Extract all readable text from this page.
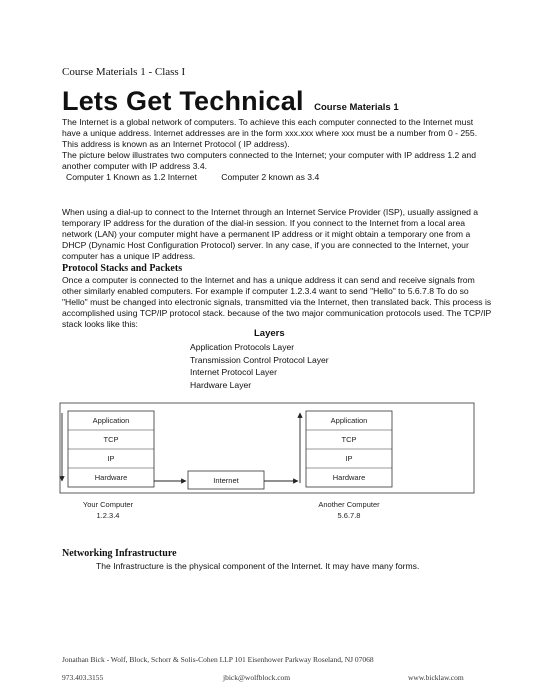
Course Materials 1 - Class I
Lets Get Technical Course Materials 1
The Internet is a global network of computers. To achieve this each computer connected to the Internet must have a unique address. Internet addresses are in the form xxx.xxx where xxx must be a number from 0 - 255. This address is known as an Internet Protocol ( IP address).
The picture below illustrates two computers connected to the Internet; your computer with IP address 1.2 and another computer with IP address 3.4.
Computer 1 Known as 1.2 Internet	Computer 2 known as 3.4
When using a dial-up to connect to the Internet through an Internet Service Provider (ISP), usually assigned a temporary IP address for the duration of the dial-in session. If you connect to the Internet from a local area network (LAN) your computer might have a permanent IP address or it might obtain a temporary one from a DHCP (Dynamic Host Configuration Protocol) server. In any case, if you are connected to the Internet, your computer has a unique IP address.
Protocol Stacks and Packets
Once a computer is connected to the Internet and has a unique address it can send and receive signals from other similarly enabled computers. For example if computer 1.2.3.4 want to send "Hello" to 5.6.7.8 To do so "Hello" must be changed into electronic signals, transmitted via the Internet, then translated back. This process is accomplished using TCP/IP protocol stack. because of the two major communication protocols used. The TCP/IP stack looks like this:
Layers
Application Protocols Layer
Transmission Control Protocol Layer
Internet Protocol Layer
Hardware Layer
Application
TCP
IP
Hardware	Internet
Application
TCP
IP
Hardware
Your Computer
1.2.3.4
Another Computer
5.6.7.8
Networking Infrastructure
The Infrastructure is the physical component of the Internet. It may have many forms.
Jonathan Bick - Wolf, Block, Schorr & Solis-Cohen LLP 101 Eisenhower Parkway Roseland, NJ 07068
973.403.3155	jbick@wolfblock.com	www.bicklaw.com
